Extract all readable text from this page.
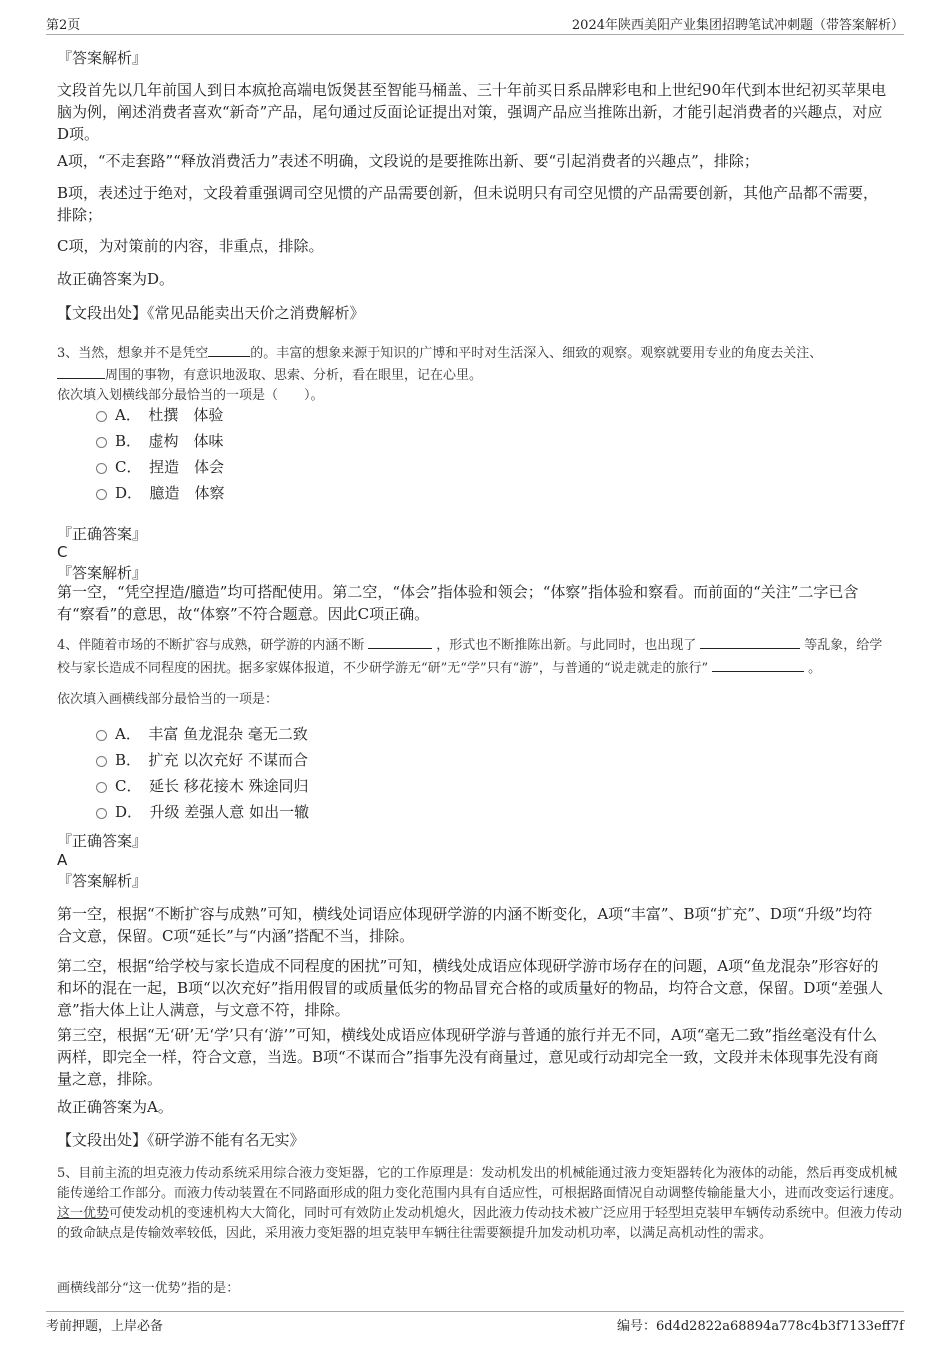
第2页	2024年陕西美阳产业集团招聘笔试冲刺题（带答案解析）

『答案解析』

文段首先以几年前国人到日本疯抢高端电饭煲甚至智能马桶盖、三十年前买日系品牌彩电和上世纪90年代到本世纪初买苹果电脑为例，阐述消费者喜欢“新奇”产品，尾句通过反面论证提出对策，强调产品应当推陈出新，才能引起消费者的兴趣点，对应D项。

A项，“不走套路”“释放消费活力”表述不明确，文段说的是要推陈出新、要“引起消费者的兴趣点”，排除；

B项，表述过于绝对，文段着重强调司空见惯的产品需要创新，但未说明只有司空见惯的产品需要创新，其他产品都不需要，排除；

C项，为对策前的内容，非重点，排除。

故正确答案为D。

【文段出处】《常见品能卖出天价之消费解析》

3、当然，想象并不是凭空	的。丰富的想象来源于知识的广博和平时对生活深入、细致的观察。观察就要用专业的角度去关注、
周围的事物，有意识地汲取、思索、分析，看在眼里，记在心里。
依次填入划横线部分最恰当的一项是（　　）。

A．　杜撰　体验
B．　虚构　体味
C．　捏造　体会
D．　臆造　体察

『正确答案』

C

『答案解析』

第一空，“凭空捏造/臆造”均可搭配使用。第二空，“体会”指体验和领会；“体察”指体验和察看。而前面的“关注”二字已含有“察看”的意思，故“体察”不符合题意。因此C项正确。

4、伴随着市场的不断扩容与成熟，研学游的内涵不断	，形式也不断推陈出新。与此同时，也出现了	等乱象，给学
校与家长造成不同程度的困扰。据多家媒体报道，不少研学游无“研”无“学”只有“游”，与普通的“说走就走的旅行”	。

依次填入画横线部分最恰当的一项是：

A．　丰富 鱼龙混杂 毫无二致
B．　扩充 以次充好 不谋而合
C．　延长 移花接木 殊途同归
D．　升级 差强人意 如出一辙

『正确答案』

A

『答案解析』

第一空，根据“不断扩容与成熟”可知，横线处词语应体现研学游的内涵不断变化，A项“丰富”、B项“扩充”、D项“升级”均符合文意，保留。C项“延长”与“内涵”搭配不当，排除。

第二空，根据“给学校与家长造成不同程度的困扰”可知，横线处成语应体现研学游市场存在的问题，A项“鱼龙混杂”形容好的和坏的混在一起，B项“以次充好”指用假冒的或质量低劣的物品冒充合格的或质量好的物品，均符合文意，保留。D项“差强人意”指大体上让人满意，与文意不符，排除。

第三空，根据“无‘研’无‘学’只有‘游’”可知，横线处成语应体现研学游与普通的旅行并无不同，A项“毫无二致”指丝毫没有什么两样，即完全一样，符合文意，当选。B项“不谋而合”指事先没有商量过，意见或行动却完全一致，文段并未体现事先没有商量之意，排除。

故正确答案为A。

【文段出处】《研学游不能有名无实》

5、目前主流的坦克液力传动系统采用综合液力变矩器，它的工作原理是：发动机发出的机械能通过液力变矩器转化为液体的动能，然后再变成机械能传递给工作部分。而液力传动装置在不同路面形成的阻力变化范围内具有自适应性，可根据路面情况自动调整传输能量大小，进而改变运行速度。这一优势可使发动机的变速机构大大简化，同时可有效防止发动机熄火，因此液力传动技术被广泛应用于轻型坦克装甲车辆传动系统中。但液力传动的致命缺点是传输效率较低，因此，采用液力变矩器的坦克装甲车辆往往需要额提升加发动机功率，以满足高机动性的需求。

画横线部分“这一优势”指的是：

考前押题，上岸必备	编号：6d4d2822a68894a778c4b3f7133eff7f
